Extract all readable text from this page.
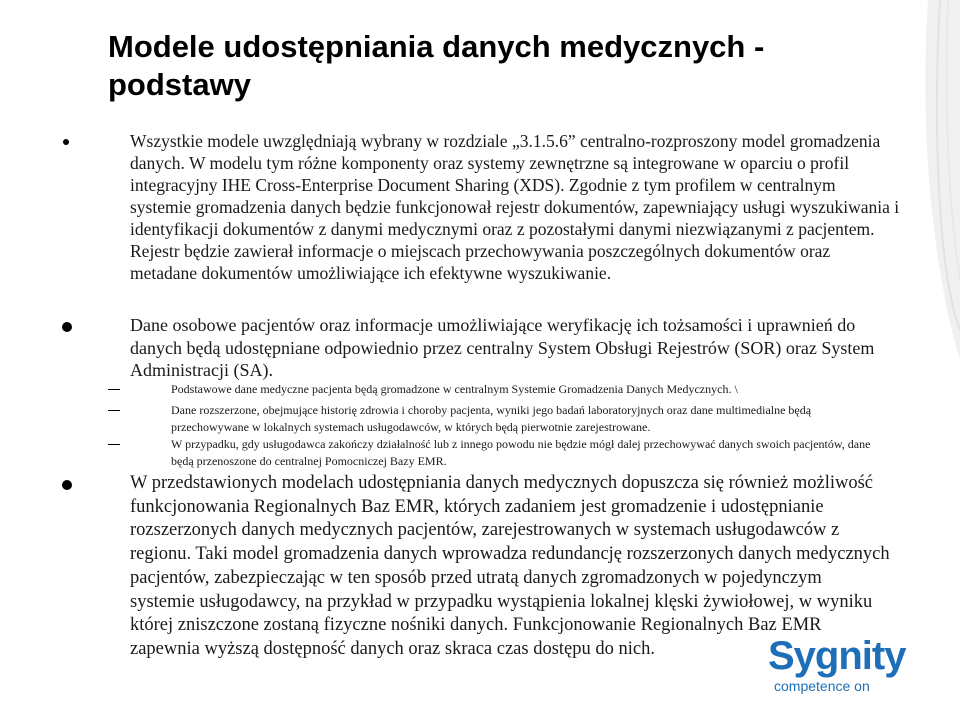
Modele udostępniania danych medycznych - podstawy
Wszystkie modele uwzględniają wybrany w rozdziale „3.1.5.6” centralno-rozproszony model gromadzenia danych. W modelu tym różne komponenty oraz systemy zewnętrzne są integrowane w oparciu o profil integracyjny IHE Cross-Enterprise Document Sharing (XDS). Zgodnie z tym profilem w centralnym systemie gromadzenia danych będzie funkcjonował rejestr dokumentów, zapewniający usługi wyszukiwania i identyfikacji dokumentów z danymi medycznymi oraz z pozostałymi danymi niezwiązanymi z pacjentem. Rejestr będzie zawierał informacje o miejscach przechowywania poszczególnych dokumentów oraz metadane dokumentów umożliwiające ich efektywne wyszukiwanie.
Dane osobowe pacjentów oraz informacje umożliwiające weryfikację ich tożsamości i uprawnień do danych będą udostępniane odpowiednio przez centralny System Obsługi Rejestrów (SOR) oraz System Administracji (SA).
Podstawowe dane medyczne pacjenta będą gromadzone w centralnym Systemie Gromadzenia Danych Medycznych. \
Dane rozszerzone, obejmujące historię zdrowia i choroby pacjenta, wyniki jego badań laboratoryjnych oraz dane multimedialne będą przechowywane w lokalnych systemach usługodawców, w których będą pierwotnie zarejestrowane.
W przypadku, gdy usługodawca zakończy działalność lub z innego powodu nie będzie mógł dalej przechowywać danych swoich pacjentów, dane będą przenoszone do centralnej Pomocniczej Bazy EMR.
W przedstawionych modelach udostępniania danych medycznych dopuszcza się również możliwość funkcjonowania Regionalnych Baz EMR, których zadaniem jest gromadzenie i udostępnianie rozszerzonych danych medycznych pacjentów, zarejestrowanych w systemach usługodawców z regionu. Taki model gromadzenia danych wprowadza redundancję rozszerzonych danych medycznych pacjentów, zabezpieczając w ten sposób przed utratą danych zgromadzonych w pojedynczym systemie usługodawcy, na przykład w przypadku wystąpienia lokalnej klęski żywiołowej, w wyniku której zniszczone zostaną fizyczne nośniki danych. Funkcjonowanie Regionalnych Baz EMR zapewnia wyższą dostępność danych oraz skraca czas dostępu do nich.	Sygnity
competence on
